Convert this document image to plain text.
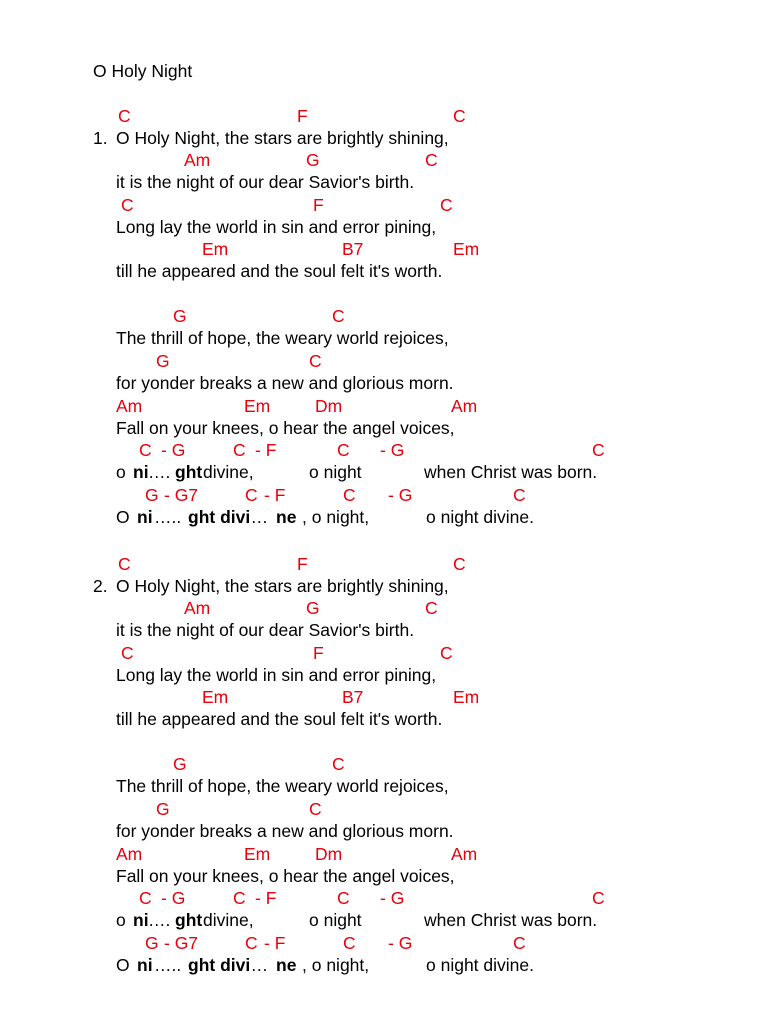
O Holy Night
C	F	C
1. O Holy Night, the stars are brightly shining,
Am	G	C
it is the night of our dear Savior's birth.
C	F	C
Long lay the world in sin and error pining,
Em	B7	Em
till he appeared and the soul felt it's worth.
G	C
The thrill of hope, the weary world rejoices,
G	C
for yonder breaks a new and glorious morn.
Am	Em	Dm	Am
Fall on your knees, o hear the angel voices,
C - G	C - F	C - G	C
o ni …. ght divine,	o night	when Christ was born.
G - G7	C - F	C - G	C
O ni ….. ght divi
…. ne , o night,	o night divine.
C	F	C
2. O Holy Night, the stars are brightly shining,
Am	G	C
it is the night of our dear Savior's birth.
C	F	C
Long lay the world in sin and error pining,
Em	B7	Em
till he appeared and the soul felt it's worth.
G	C
The thrill of hope, the weary world rejoices,
G	C
for yonder breaks a new and glorious morn.
Am	Em	Dm	Am
Fall on your knees, o hear the angel voices,
C - G	C - F	C - G	C
o ni …. ght divine,	o night	when Christ was born.
G - G7	C - F	C - G	C
O ni ….. ght divi
…. ne , o night,	o night divine.
